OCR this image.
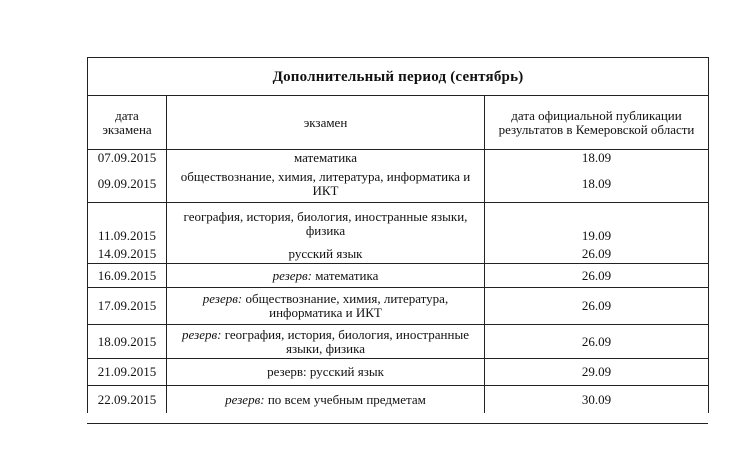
Дополнительный период (сентябрь)		
дата экзамена	экзамен	дата официальной публикации результатов в Кемеровской области
07.09.2015	математика	18.09
09.09.2015	обществознание, химия, литература, информатика и ИКТ	18.09
11.09.2015	география, история, биология, иностранные языки, физика	19.09
14.09.2015	русский язык	26.09
16.09.2015	резерв: математика	26.09
17.09.2015	резерв: обществознание, химия, литература, информатика и ИКТ	26.09
18.09.2015	резерв: география, история, биология, иностранные языки, физика	26.09
21.09.2015	резерв: русский язык	29.09
22.09.2015	резерв: по всем учебным предметам	30.09
